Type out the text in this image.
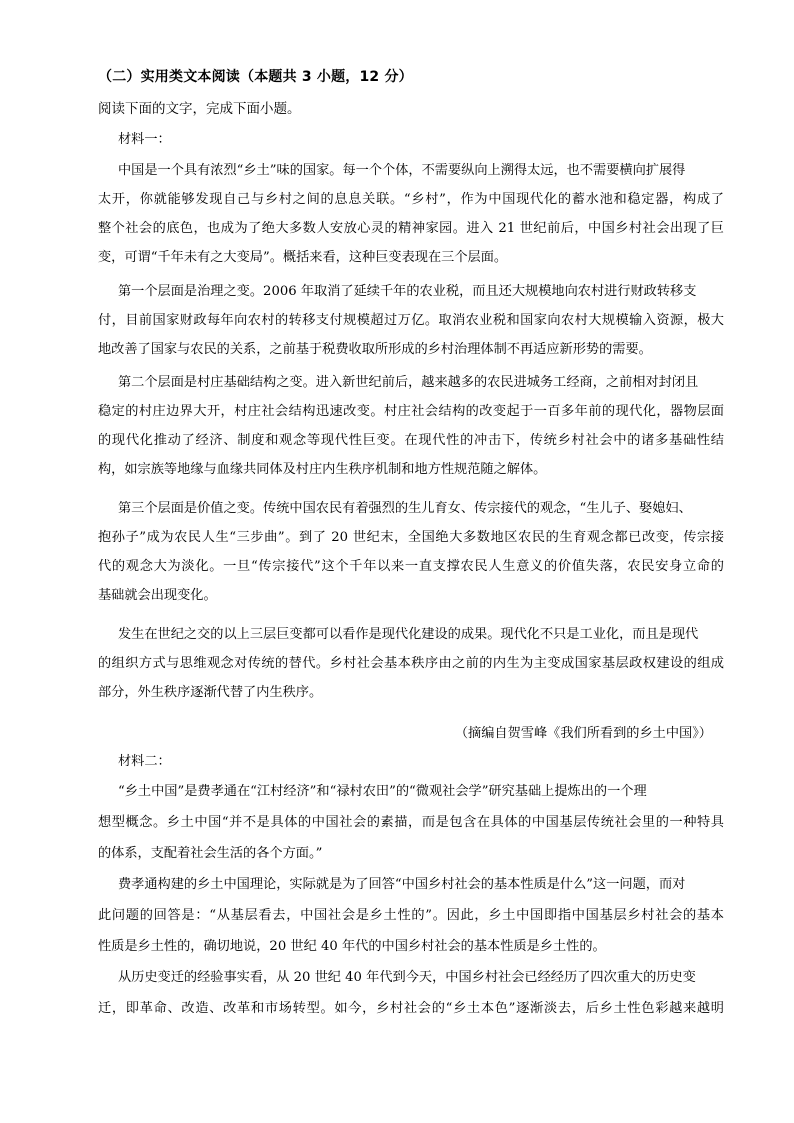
（二）实用类文本阅读（本题共 3 小题，12 分）
阅读下面的文字，完成下面小题。
材料一：
中国是一个具有浓烈“乡土”味的国家。每一个个体，不需要纵向上溯得太远，也不需要横向扩展得
太开，你就能够发现自己与乡村之间的息息关联。“乡村”，作为中国现代化的蓄水池和稳定器，构成了
整个社会的底色，也成为了绝大多数人安放心灵的精神家园。进入 21 世纪前后，中国乡村社会出现了巨
变，可谓“千年未有之大变局”。概括来看，这种巨变表现在三个层面。
第一个层面是治理之变。2006 年取消了延续千年的农业税，而且还大规模地向农村进行财政转移支
付，目前国家财政每年向农村的转移支付规模超过万亿。取消农业税和国家向农村大规模输入资源，极大
地改善了国家与农民的关系，之前基于税费收取所形成的乡村治理体制不再适应新形势的需要。
第二个层面是村庄基础结构之变。进入新世纪前后，越来越多的农民进城务工经商，之前相对封闭且
稳定的村庄边界大开，村庄社会结构迅速改变。村庄社会结构的改变起于一百多年前的现代化，器物层面
的现代化推动了经济、制度和观念等现代性巨变。在现代性的冲击下，传统乡村社会中的诸多基础性结
构，如宗族等地缘与血缘共同体及村庄内生秩序机制和地方性规范随之解体。
第三个层面是价值之变。传统中国农民有着强烈的生儿育女、传宗接代的观念，“生儿子、娶媳妇、
抱孙子”成为农民人生“三步曲”。到了 20 世纪末，全国绝大多数地区农民的生育观念都已改变，传宗接
代的观念大为淡化。一旦“传宗接代”这个千年以来一直支撑农民人生意义的价值失落，农民安身立命的
基础就会出现变化。
发生在世纪之交的以上三层巨变都可以看作是现代化建设的成果。现代化不只是工业化，而且是现代
的组织方式与思维观念对传统的替代。乡村社会基本秩序由之前的内生为主变成国家基层政权建设的组成
部分，外生秩序逐渐代替了内生秩序。
（摘编自贺雪峰《我们所看到的乡土中国》）
材料二：
“乡土中国”是费孝通在“江村经济”和“禄村农田”的“微观社会学”研究基础上提炼出的一个理
想型概念。乡土中国“并不是具体的中国社会的素描，而是包含在具体的中国基层传统社会里的一种特具
的体系，支配着社会生活的各个方面。”
费孝通构建的乡土中国理论，实际就是为了回答“中国乡村社会的基本性质是什么”这一问题，而对
此问题的回答是：“从基层看去，中国社会是乡土性的”。因此，乡土中国即指中国基层乡村社会的基本
性质是乡土性的，确切地说，20 世纪 40 年代的中国乡村社会的基本性质是乡土性的。
从历史变迁的经验事实看，从 20 世纪 40 年代到今天，中国乡村社会已经经历了四次重大的历史变
迁，即革命、改造、改革和市场转型。如今，乡村社会的“乡土本色”逐渐淡去，后乡土性色彩越来越明
